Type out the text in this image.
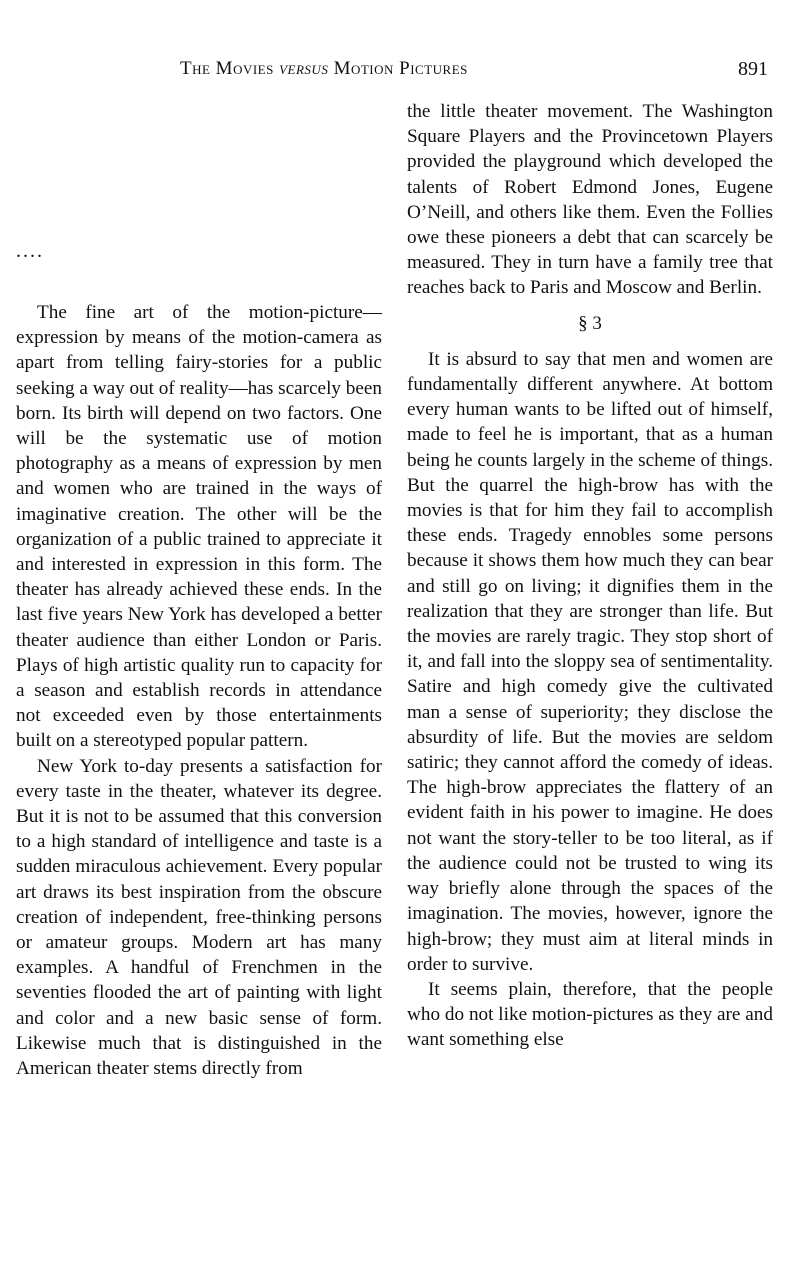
The Movies versus Motion Pictures	891
....

The fine art of the motion-picture—expression by means of the motion-camera as apart from telling fairy-stories for a public seeking a way out of reality—has scarcely been born. Its birth will depend on two factors. One will be the systematic use of motion photography as a means of expression by men and women who are trained in the ways of imaginative creation. The other will be the organization of a public trained to appreciate it and interested in expression in this form. The theater has already achieved these ends. In the last five years New York has developed a better theater audience than either London or Paris. Plays of high artistic quality run to capacity for a season and establish records in attendance not exceeded even by those entertainments built on a stereotyped popular pattern.

New York to-day presents a satisfaction for every taste in the theater, whatever its degree. But it is not to be assumed that this conversion to a high standard of intelligence and taste is a sudden miraculous achievement. Every popular art draws its best inspiration from the obscure creation of independent, free-thinking persons or amateur groups. Modern art has many examples. A handful of Frenchmen in the seventies flooded the art of painting with light and color and a new basic sense of form. Likewise much that is distinguished in the American theater stems directly from

the little theater movement. The Washington Square Players and the Provincetown Players provided the playground which developed the talents of Robert Edmond Jones, Eugene O’Neill, and others like them. Even the Follies owe these pioneers a debt that can scarcely be measured. They in turn have a family tree that reaches back to Paris and Moscow and Berlin.

§ 3

It is absurd to say that men and women are fundamentally different anywhere. At bottom every human wants to be lifted out of himself, made to feel he is important, that as a human being he counts largely in the scheme of things. But the quarrel the high-brow has with the movies is that for him they fail to accomplish these ends. Tragedy ennobles some persons because it shows them how much they can bear and still go on living; it dignifies them in the realization that they are stronger than life. But the movies are rarely tragic. They stop short of it, and fall into the sloppy sea of sentimentality. Satire and high comedy give the cultivated man a sense of superiority; they disclose the absurdity of life. But the movies are seldom satiric; they cannot afford the comedy of ideas. The high-brow appreciates the flattery of an evident faith in his power to imagine. He does not want the story-teller to be too literal, as if the audience could not be trusted to wing its way briefly alone through the spaces of the imagination. The movies, however, ignore the high-brow; they must aim at literal minds in order to survive.

It seems plain, therefore, that the people who do not like motion-pictures as they are and want something else
